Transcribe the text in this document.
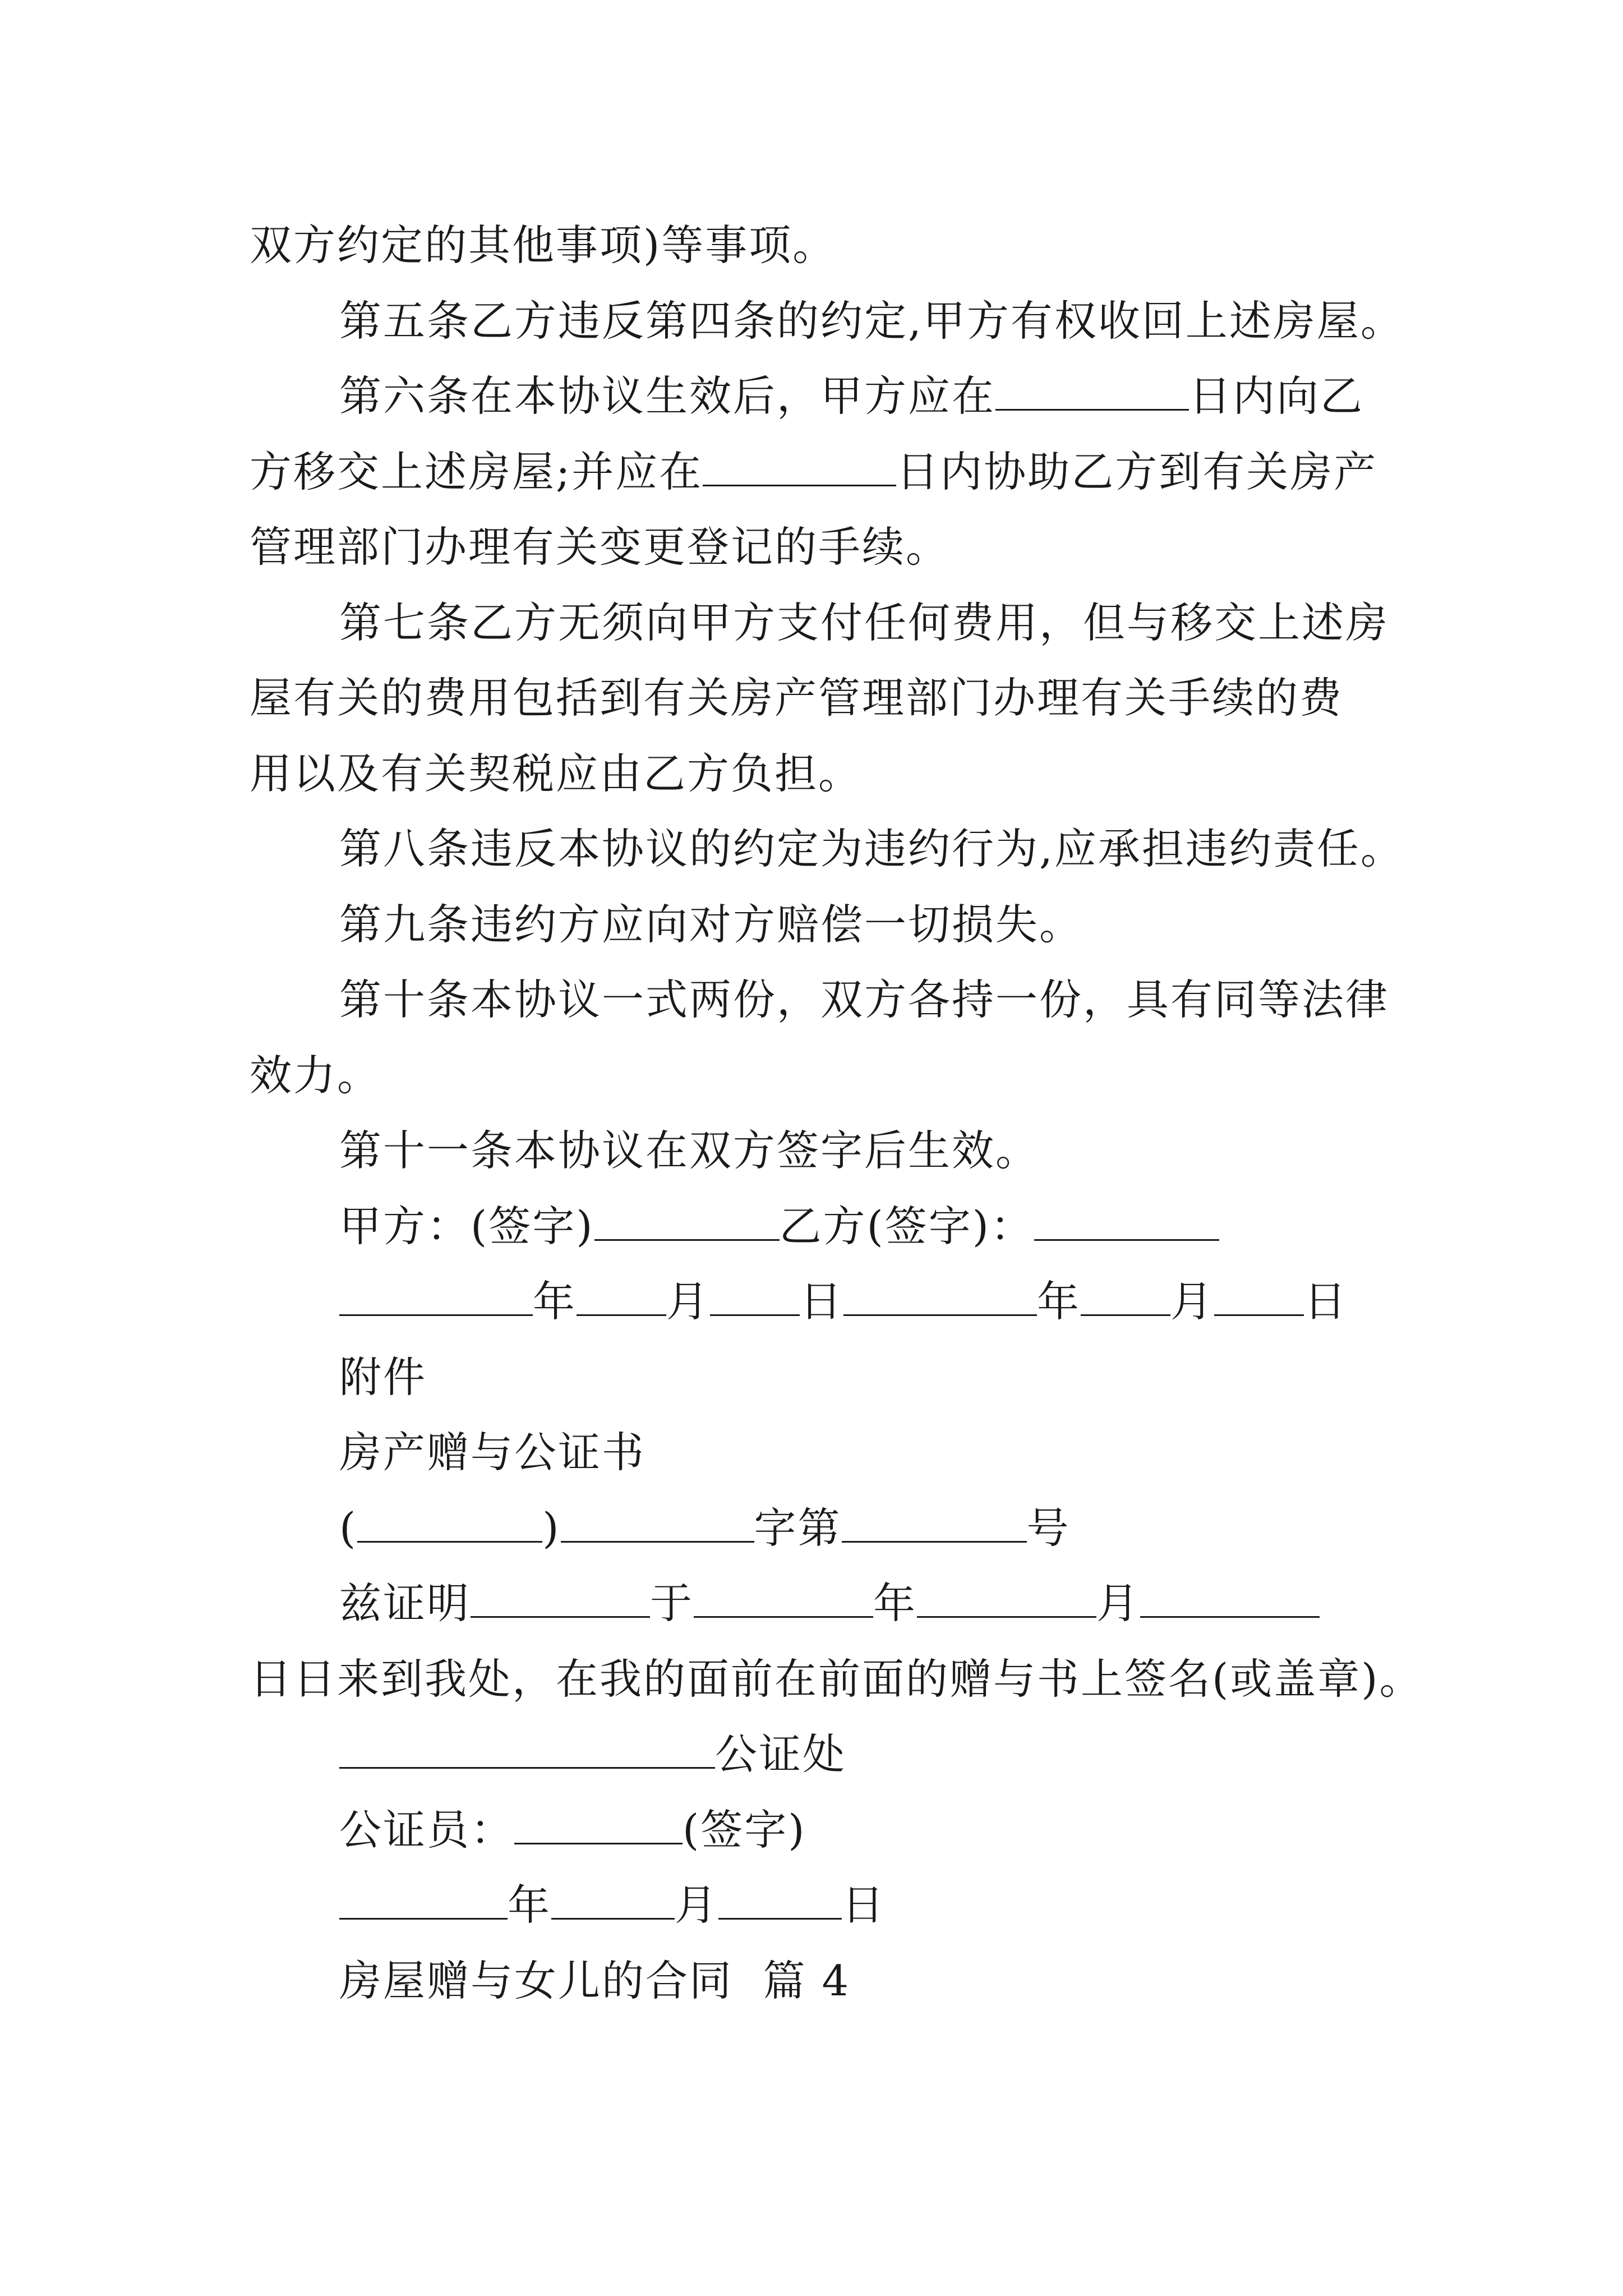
双方约定的其他事项)等事项。
第五条乙方违反第四条的约定,甲方有权收回上述房屋。
第六条在本协议生效后，甲方应在	日内向乙
方移交上述房屋;并应在	日内协助乙方到有关房产
管理部门办理有关变更登记的手续。
第七条乙方无须向甲方支付任何费用，但与移交上述房
屋有关的费用包括到有关房产管理部门办理有关手续的费
用以及有关契税应由乙方负担。
第八条违反本协议的约定为违约行为,应承担违约责任。
第九条违约方应向对方赔偿一切损失。
第十条本协议一式两份，双方各持一份，具有同等法律
效力。
第十一条本协议在双方签字后生效。
甲方：(签字)	乙方(签字)：
年 月 日	年 月 日
附件
房产赠与公证书
(	)	字第	号
兹证明	于	年	月
日日来到我处，在我的面前在前面的赠与书上签名(或盖章)。
公证处
公证员：	(签字)
年	月	日
房屋赠与女儿的合同  篇 4
